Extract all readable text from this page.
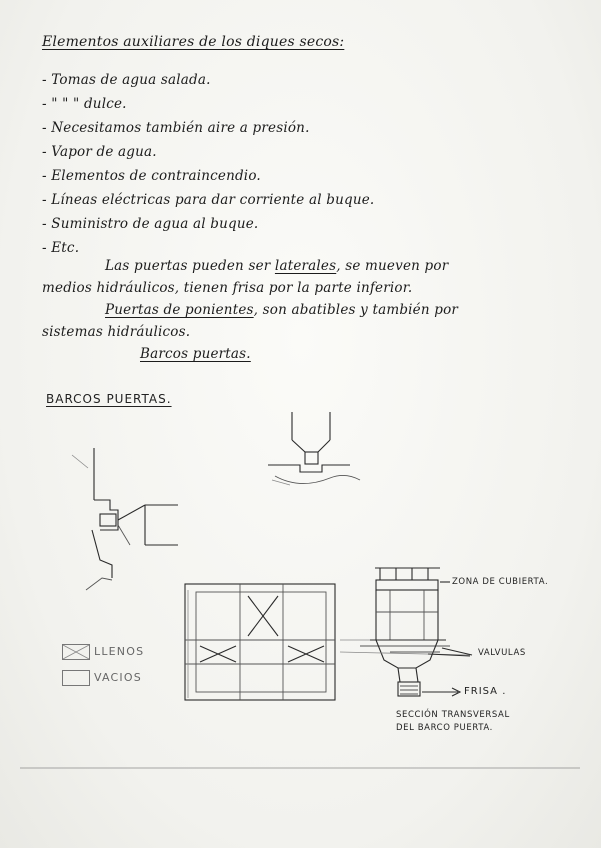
Elementos auxiliares de los diques secos:
- Tomas de agua salada.
- " " " dulce.
- Necesitamos también aire a presión.
- Vapor de agua.
- Elementos de contraincendio.
- Líneas eléctricas para dar corriente al buque.
- Suministro de agua al buque.
- Etc.
Las puertas pueden ser laterales, se mueven por
medios hidráulicos, tienen frisa por la parte inferior.
Puertas de ponientes, son abatibles y también por
sistemas hidráulicos.
Barcos puertas.
BARCOS PUERTAS.
ZONA DE CUBIERTA.
VALVULAS
FRISA .
SECCIÓN TRANSVERSAL
DEL BARCO PUERTA.
LLENOS
VACIOS
